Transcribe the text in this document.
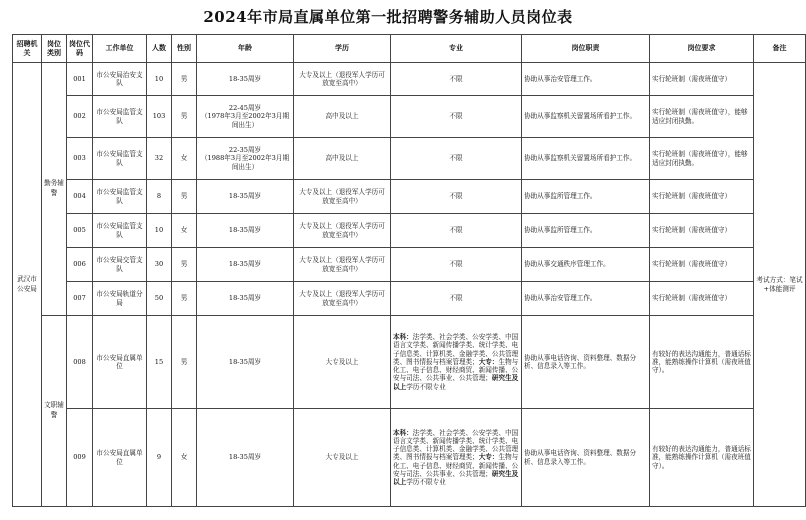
2024年市局直属单位第一批招聘警务辅助人员岗位表
招聘机关	岗位类别	岗位代码	工作单位	人数	性别	年龄	学历	专业	岗位职责	岗位要求	备注
武汉市公安局	勤务辅警	001	市公安局治安支队	10	男	18-35周岁	大专及以上（退役军人学历可放宽至高中）	不限	协助从事治安管理工作。	实行轮班制（需夜班值守）	考试方式：笔试+体能测评
		002	市公安局监管支队	103	男	22-45周岁
（1978年3月至2002年3月期间出生）	高中及以上	不限	协助从事监察机关留置场所看护工作。	实行轮班制（需夜班值守），能够适应封闭执勤。	
		003	市公安局监管支队	32	女	22-35周岁
（1988年3月至2002年3月期间出生）	高中及以上	不限	协助从事监察机关留置场所看护工作。	实行轮班制（需夜班值守），能够适应封闭执勤。	
		004	市公安局监管支队	8	男	18-35周岁	大专及以上（退役军人学历可放宽至高中）	不限	协助从事监所管理工作。	实行轮班制（需夜班值守）	
		005	市公安局监管支队	10	女	18-35周岁	大专及以上（退役军人学历可放宽至高中）	不限	协助从事监所管理工作。	实行轮班制（需夜班值守）	
		006	市公安局交管支队	30	男	18-35周岁	大专及以上（退役军人学历可放宽至高中）	不限	协助从事交通秩序管理工作。	实行轮班制（需夜班值守）	
		007	市公安局轨道分局	50	男	18-35周岁	大专及以上（退役军人学历可放宽至高中）	不限	协助从事治安管理工作。	实行轮班制（需夜班值守）	
	文职辅警	008	市公安局直属单位	15	男	18-35周岁	大专及以上	本科：法学类、社会学类、公安学类、中国语言文学类、新闻传播学类、统计学类、电子信息类、计算机类、金融学类、公共管理类、图书情报与档案管理类；大专：生物与化工、电子信息、财经商贸、新闻传播、公安与司法、公共事业、公共管理；研究生及以上学历不限专业	协助从事电话咨询、资料整理、数据分析、信息录入等工作。	有较好的表达沟通能力，普通话标准，能熟练操作计算机（需夜班值守）。	
		009	市公安局直属单位	9	女	18-35周岁	大专及以上	本科：法学类、社会学类、公安学类、中国语言文学类、新闻传播学类、统计学类、电子信息类、计算机类、金融学类、公共管理类、图书情报与档案管理类；大专：生物与化工、电子信息、财经商贸、新闻传播、公安与司法、公共事业、公共管理；研究生及以上学历不限专业	协助从事电话咨询、资料整理、数据分析、信息录入等工作。	有较好的表达沟通能力，普通话标准，能熟练操作计算机（需夜班值守）。	
